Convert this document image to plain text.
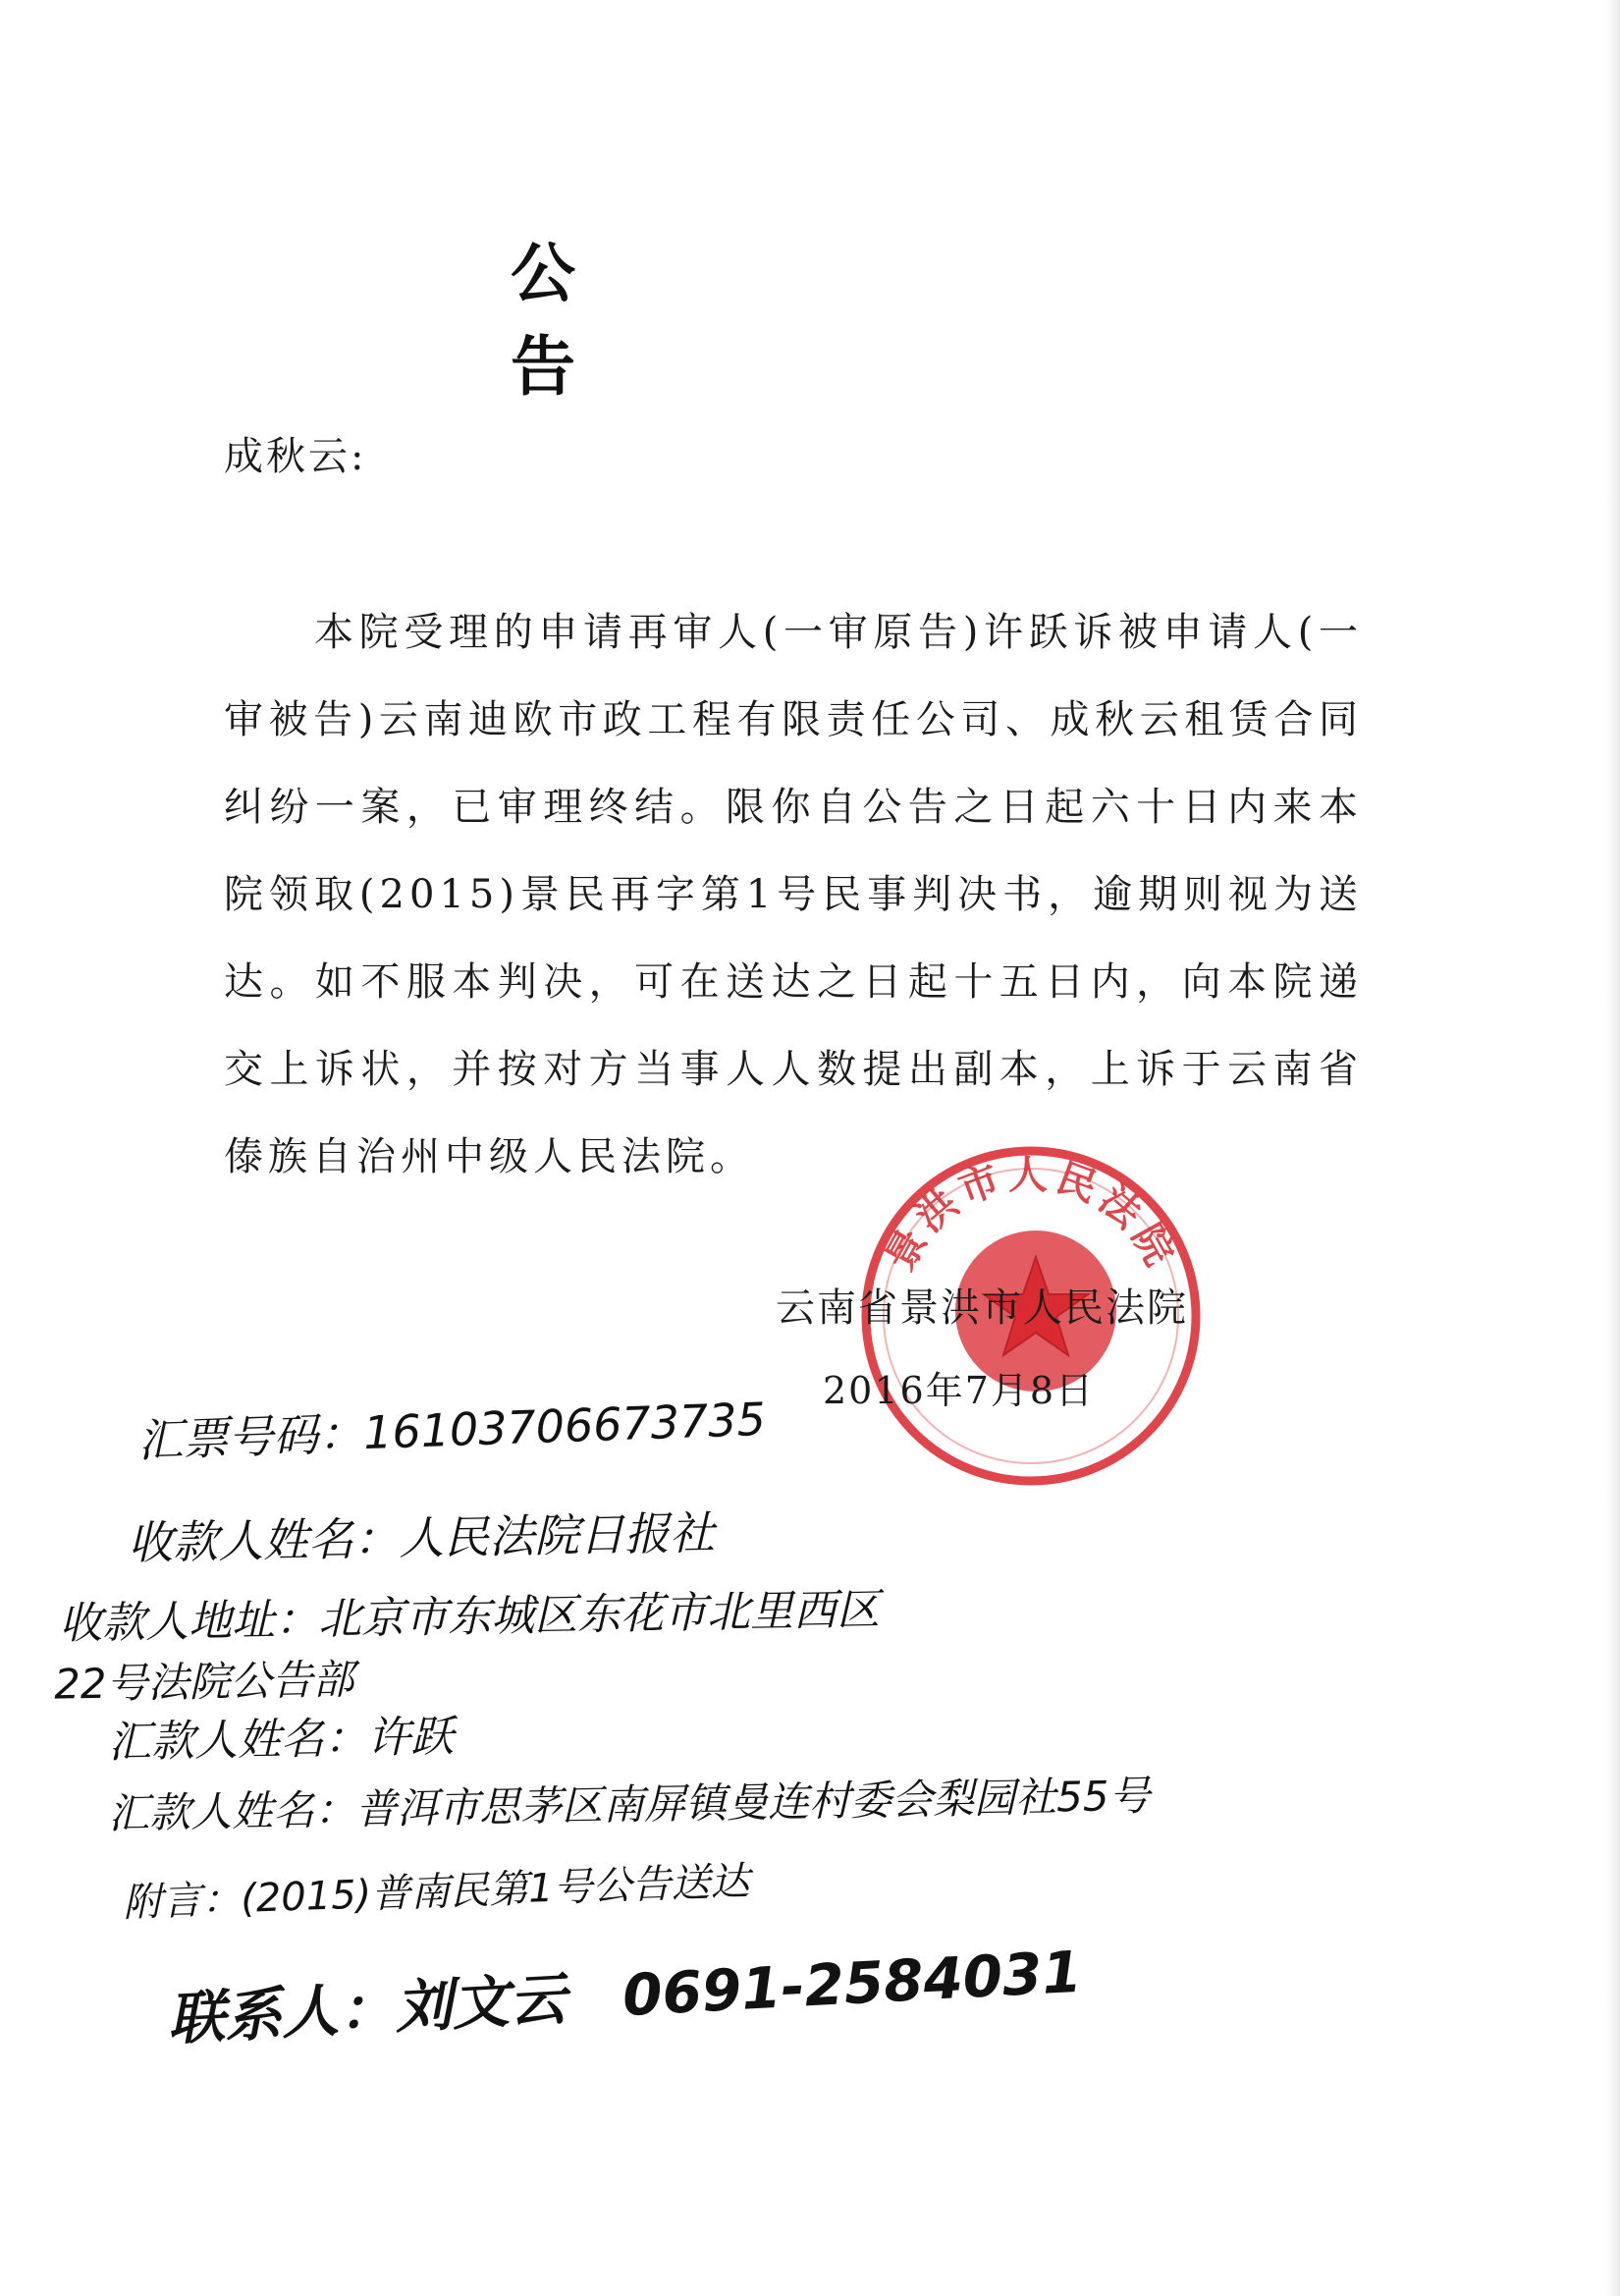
公　告
成秋云:
本院受理的申请再审人(一审原告)许跃诉被申请人(一审被告)云南迪欧市政工程有限责任公司、成秋云租赁合同纠纷一案，已审理终结。限你自公告之日起六十日内来本院领取(2015)景民再字第1号民事判决书，逾期则视为送达。如不服本判决，可在送达之日起十五日内，向本院递交上诉状，并按对方当事人人数提出副本，上诉于云南省傣族自治州中级人民法院。
景洪市人民法院
云南省景洪市人民法院
2016年7月8日
汇票号码：16103706673735
收款人姓名：人民法院日报社
收款人地址：北京市东城区东花市北里西区
22号法院公告部
汇款人姓名：许跃
汇款人姓名：普洱市思茅区南屏镇曼连村委会梨园社55号
附言：(2015)普南民第1号公告送达
联系人：刘文云　0691-2584031
